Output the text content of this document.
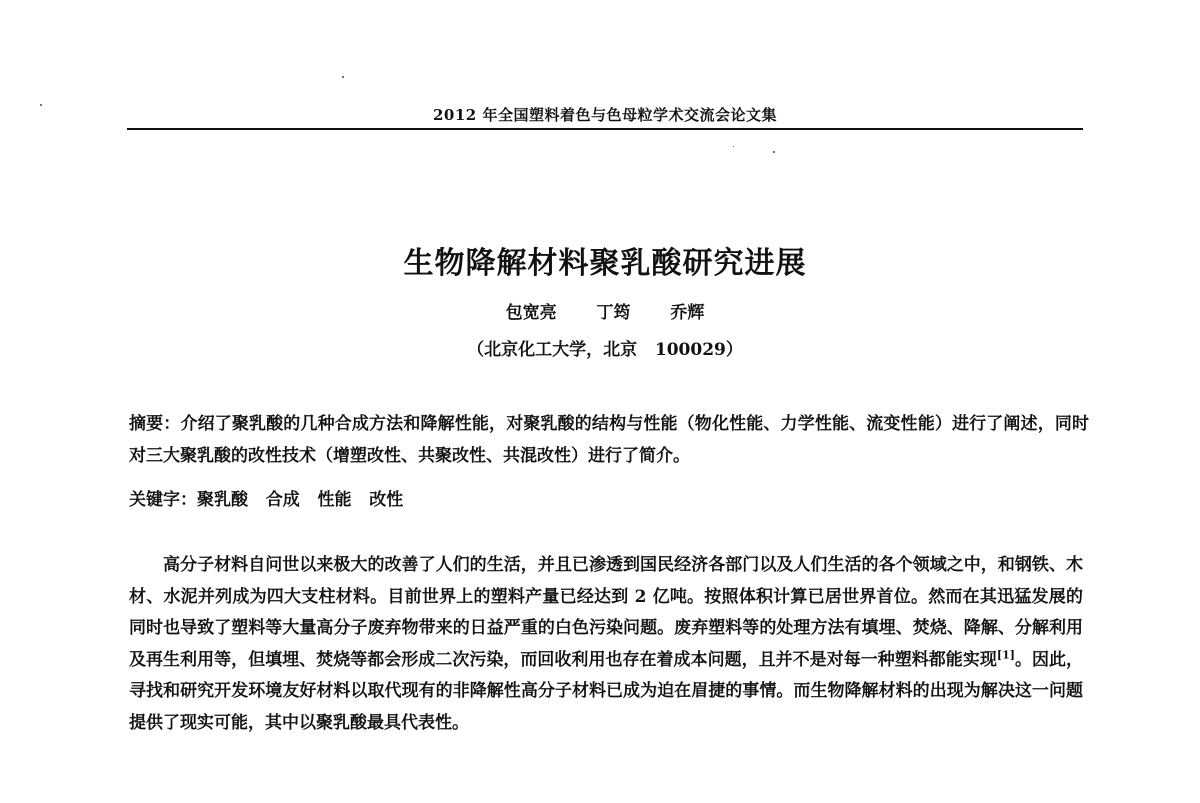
2012 年全国塑料着色与色母粒学术交流会论文集
生物降解材料聚乳酸研究进展
包宽亮  丁筠  乔辉
（北京化工大学，北京   100029）
摘要：介绍了聚乳酸的几种合成方法和降解性能，对聚乳酸的结构与性能（物化性能、力学性能、流变性能）进行了阐述，同时对三大聚乳酸的改性技术（增塑改性、共聚改性、共混改性）进行了简介。
关键字：聚乳酸   合成   性能   改性
高分子材料自问世以来极大的改善了人们的生活，并且已渗透到国民经济各部门以及人们生活的各个领域之中，和钢铁、木材、水泥并列成为四大支柱材料。目前世界上的塑料产量已经达到 2 亿吨。按照体积计算已居世界首位。然而在其迅猛发展的同时也导致了塑料等大量高分子废弃物带来的日益严重的白色污染问题。废弃塑料等的处理方法有填埋、焚烧、降解、分解利用及再生利用等，但填埋、焚烧等都会形成二次污染，而回收利用也存在着成本问题，且并不是对每一种塑料都能实现[1]。因此，寻找和研究开发环境友好材料以取代现有的非降解性高分子材料已成为迫在眉捷的事情。而生物降解材料的出现为解决这一问题提供了现实可能，其中以聚乳酸最具代表性。
